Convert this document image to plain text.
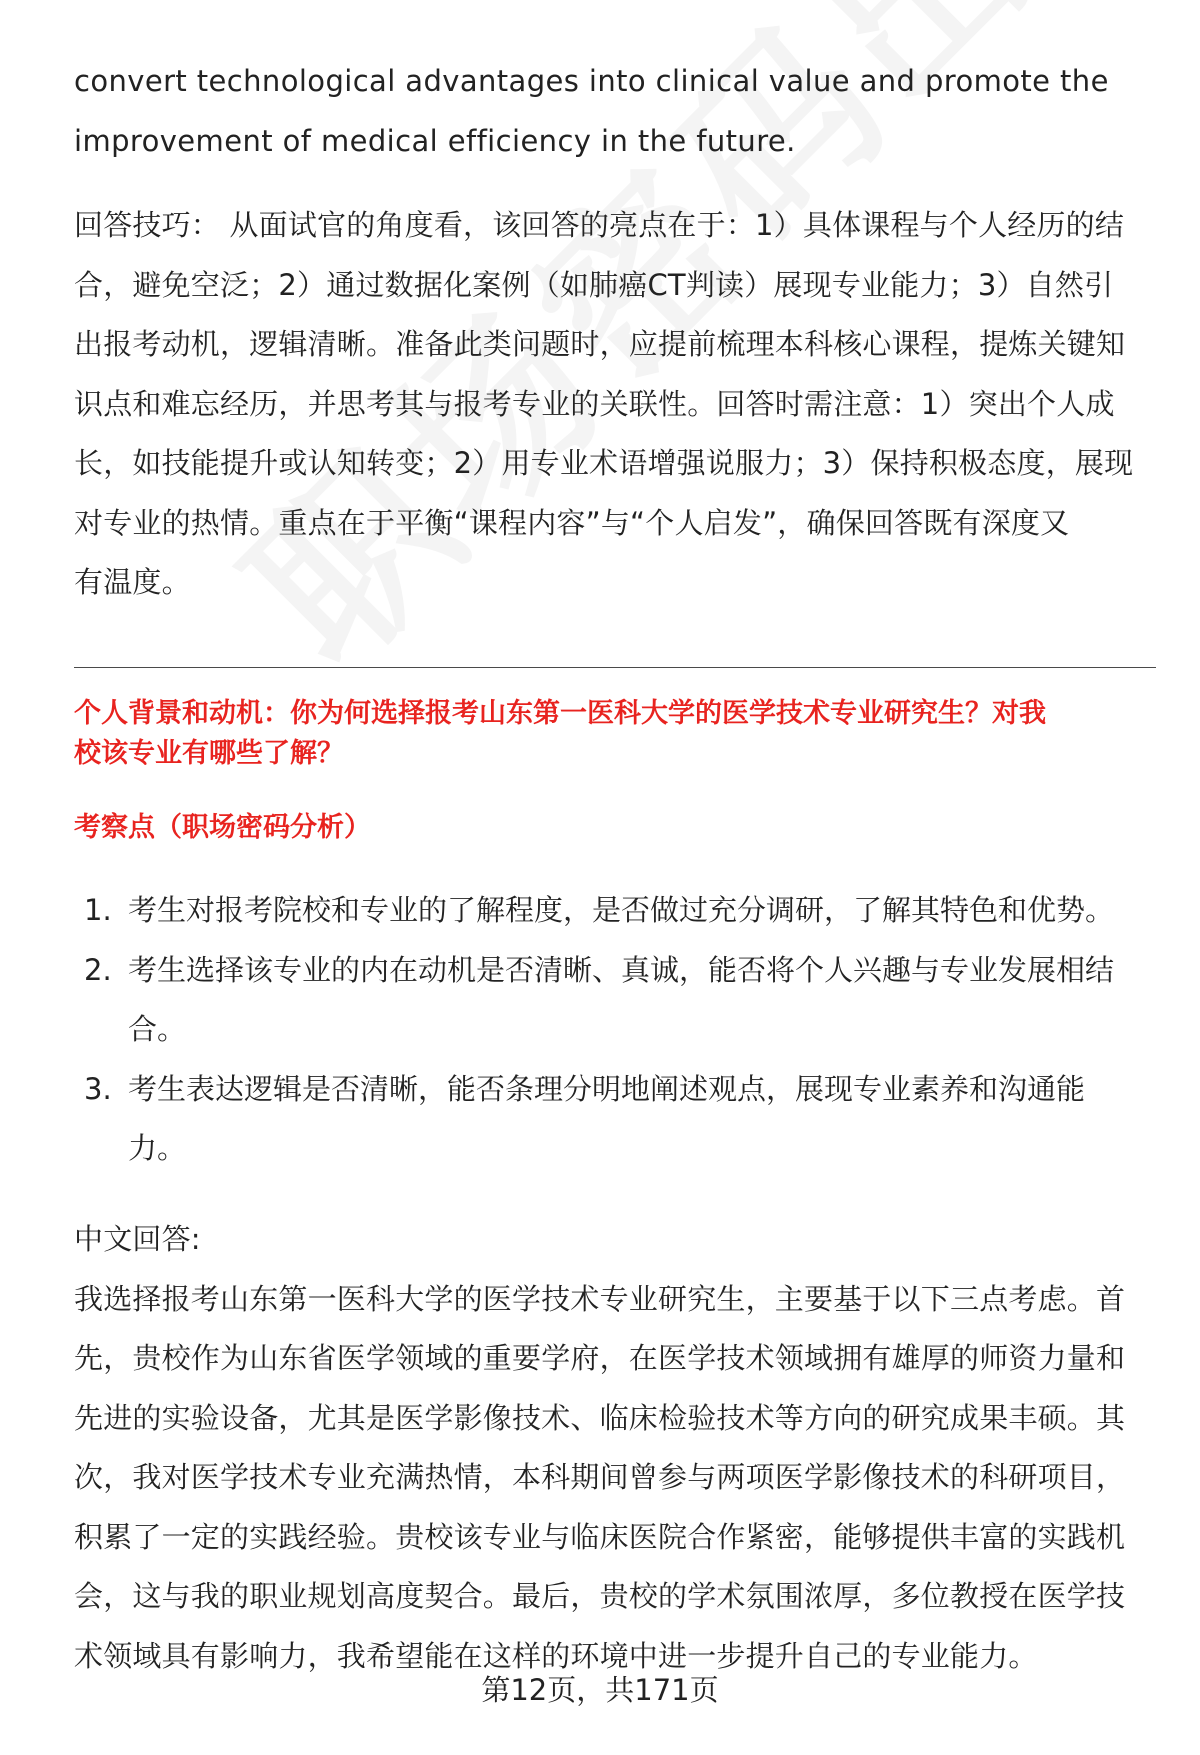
convert technological advantages into clinical value and promote the

improvement of medical efficiency in the future.

回答技巧： 从面试官的角度看，该回答的亮点在于：1）具体课程与个人经历的结

合，避免空泛；2）通过数据化案例（如肺癌CT判读）展现专业能力；3）自然引

出报考动机，逻辑清晰。准备此类问题时，应提前梳理本科核心课程，提炼关键知

识点和难忘经历，并思考其与报考专业的关联性。回答时需注意：1）突出个人成

长，如技能提升或认知转变；2）用专业术语增强说服力；3）保持积极态度，展现

对专业的热情。重点在于平衡“课程内容”与“个人启发”，确保回答既有深度又

有温度。

个人背景和动机：你为何选择报考山东第一医科大学的医学技术专业研究生？对我
校该专业有哪些了解？
考察点（职场密码分析）
1. 考生对报考院校和专业的了解程度，是否做过充分调研，了解其特色和优势。
2. 考生选择该专业的内在动机是否清晰、真诚，能否将个人兴趣与专业发展相结
合。
3. 考生表达逻辑是否清晰，能否条理分明地阐述观点，展现专业素养和沟通能
力。

中文回答:

我选择报考山东第一医科大学的医学技术专业研究生，主要基于以下三点考虑。首

先，贵校作为山东省医学领域的重要学府，在医学技术领域拥有雄厚的师资力量和

先进的实验设备，尤其是医学影像技术、临床检验技术等方向的研究成果丰硕。其

次，我对医学技术专业充满热情，本科期间曾参与两项医学影像技术的科研项目，

积累了一定的实践经验。贵校该专业与临床医院合作紧密，能够提供丰富的实践机

会，这与我的职业规划高度契合。最后，贵校的学术氛围浓厚，多位教授在医学技

术领域具有影响力，我希望能在这样的环境中进一步提升自己的专业能力。

第12页，共171页
